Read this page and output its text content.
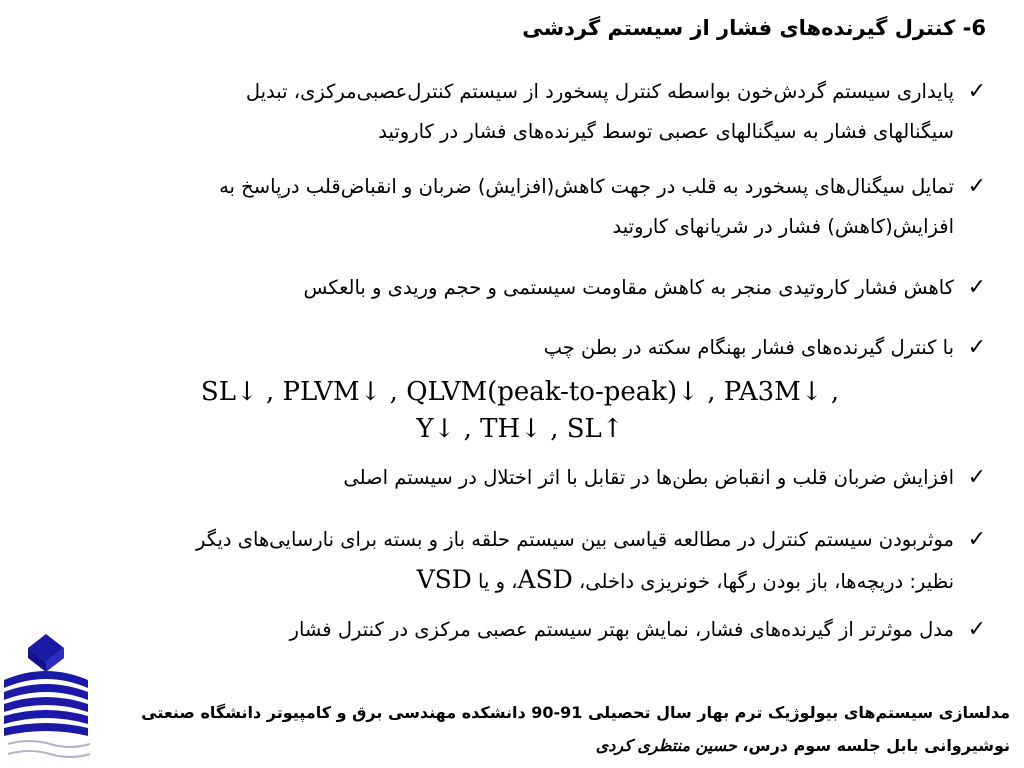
6- کنترل گیرنده‌های فشار از سیستم گردشی
✓
پایداری سیستم گردش‌خون بواسطه کنترل پسخورد از سیستم کنترل‌عصبی‌مرکزی، تبدیل
سیگنالهای فشار به سیگنالهای عصبی توسط گیرنده‌های فشار در کاروتید
✓
تمایل سیگنال‌های پسخورد به قلب در جهت کاهش(افزایش) ضربان و انقباض‌قلب درپاسخ به
افزایش(کاهش) فشار در شریانهای کاروتید
✓
کاهش فشار کاروتیدی منجر به کاهش مقاومت سیستمی و حجم وریدی و بالعکس
✓
با کنترل گیرنده‌های فشار بهنگام سکته در بطن چپ
✓
افزایش ضربان قلب و انقباض بطن‌ها در تقابل با اثر اختلال در سیستم اصلی
✓
موثربودن سیستم کنترل در مطالعه قیاسی بین سیستم حلقه باز و بسته برای نارسایی‌های دیگر
نظیر: دریچه‌ها، باز بودن رگها، خونریزی داخلی، ASD، و یا VSD
✓
مدل موثرتر از گیرنده‌های فشار، نمایش بهتر سیستم عصبی مرکزی در کنترل فشار
SL↓ , PLVM↓ , QLVM(peak-to-peak)↓ , PA3M↓ ,
Y↓ , TH↓ , SL↑
مدلسازی سیستم‌های بیولوژیک ترم بهار سال تحصیلی 91-90 دانشکده مهندسی برق و کامپیوتر دانشگاه صنعتی
نوشیروانی بابل جلسه سوم درس، حسین منتظری کردی
